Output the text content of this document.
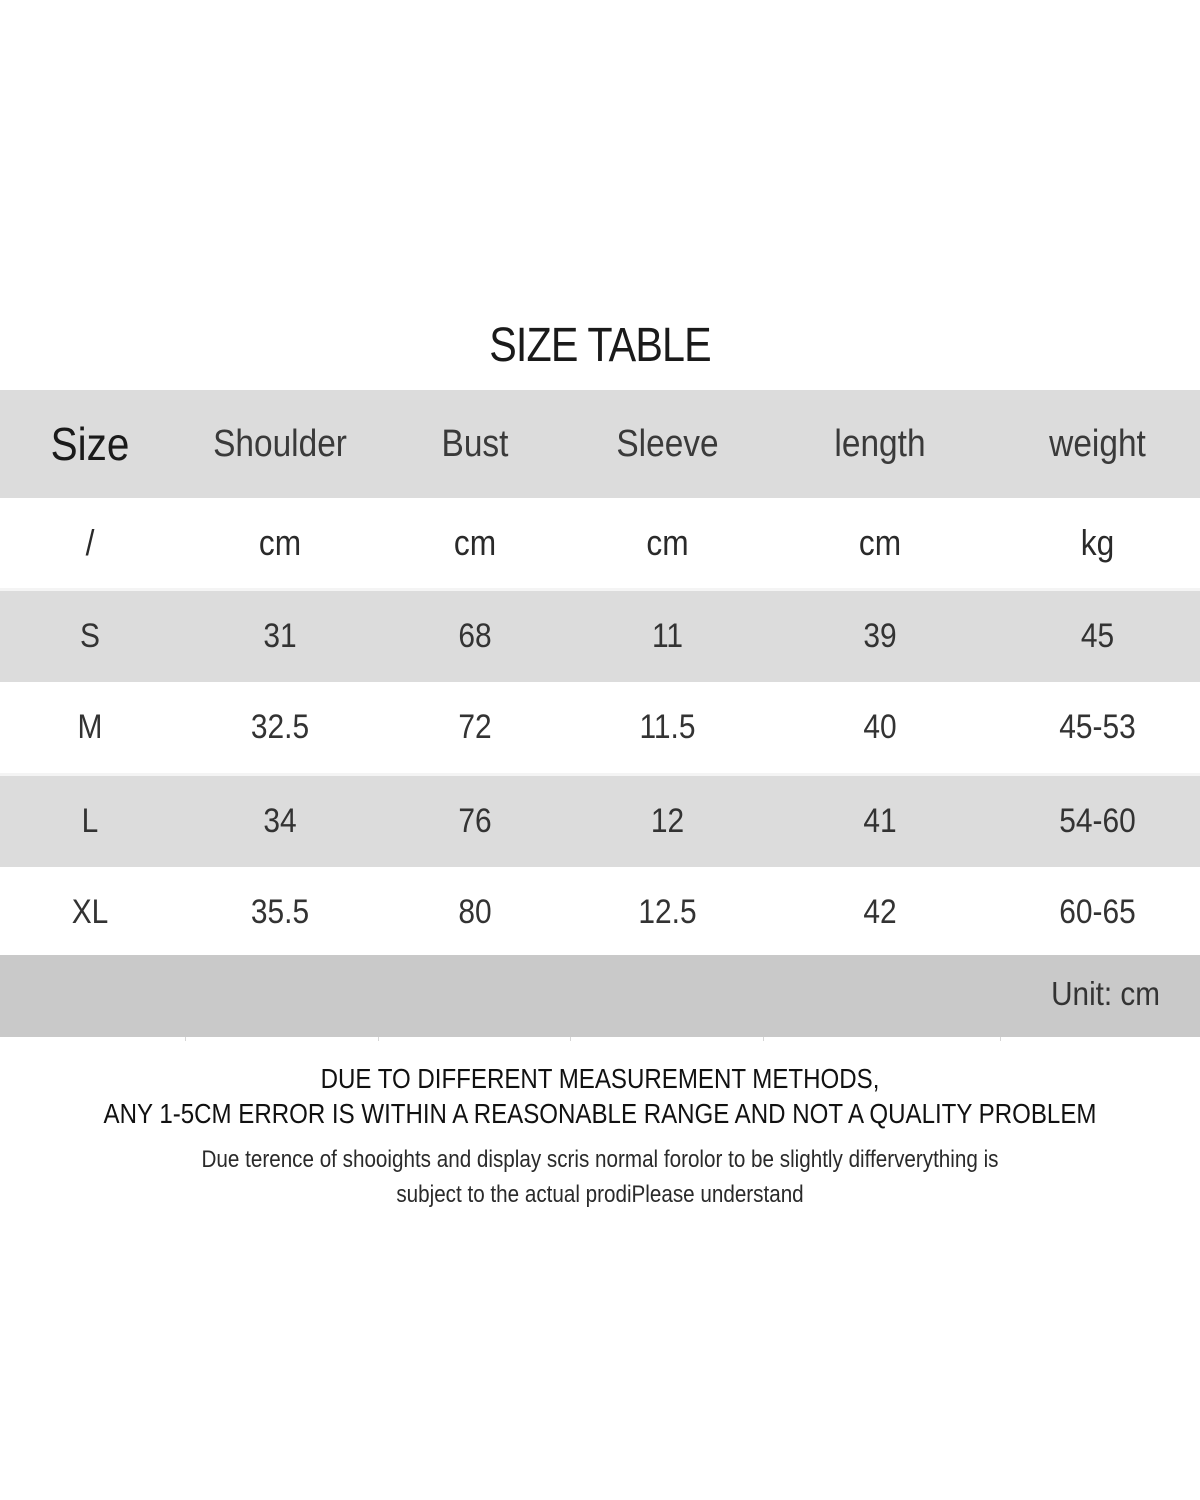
SIZE TABLE
Size	Shoulder	Bust	Sleeve	length	weight
/	cm	cm	cm	cm	kg
S	31	68	11	39	45
M	32.5	72	11.5	40	45-53
L	34	76	12	41	54-60
XL	35.5	80	12.5	42	60-65
Unit: cm
DUE TO DIFFERENT MEASUREMENT METHODS,
ANY 1-5CM ERROR IS WITHIN A REASONABLE RANGE AND NOT A QUALITY PROBLEM
Due terence of shooights and display scris normal forolor to be slightly differverything is
subject to the actual prodiPlease understand
